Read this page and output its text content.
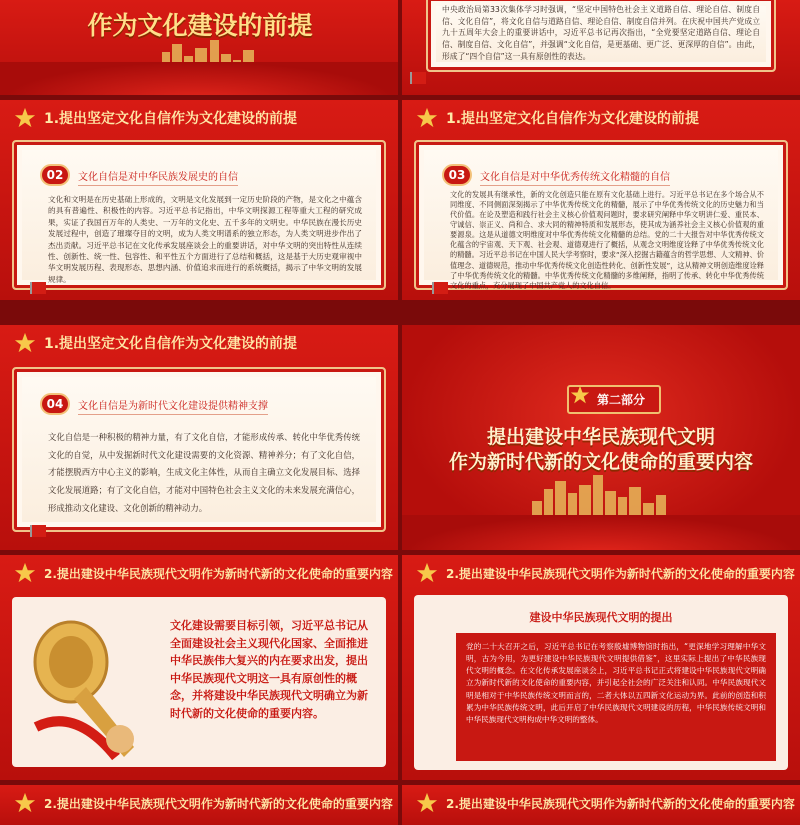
作为文化建设的前提
中央政治局第33次集体学习时强调，“坚定中国特色社会主义道路自信、理论自信、制度自信、文化自信”，将文化自信与道路自信、理论自信、制度自信并列。在庆祝中国共产党成立九十五周年大会上的重要讲话中，习近平总书记再次指出，“全党要坚定道路自信、理论自信、制度自信、文化自信”，并强调“文化自信，是更基础、更广泛、更深厚的自信”。由此，形成了“四个自信”这一具有原创性的表达。
1.提出坚定文化自信作为文化建设的前提
02	文化自信是对中华民族发展史的自信
文化和文明是在历史基础上形成的，文明是文化发展到一定历史阶段的产物，是文化之中蕴含的具有普遍性、积极性的内容。习近平总书记指出，中华文明探源工程等重大工程的研究成果，实证了我国百万年的人类史、一万年的文化史、五千多年的文明史。中华民族在漫长历史发展过程中，创造了璀璨夺目的文明，成为人类文明谱系的独立形态，为人类文明进步作出了杰出贡献。习近平总书记在文化传承发展座谈会上的重要讲话，对中华文明的突出特性从连续性、创新性、统一性、包容性、和平性五个方面进行了总结和概括，这是基于大历史观审视中华文明发展历程、表现形态、思想内涵、价值追求而进行的系统概括，揭示了中华文明的发展规律。
1.提出坚定文化自信作为文化建设的前提
03	文化自信是对中华优秀传统文化精髓的自信
文化的发展具有继承性，新的文化创造只能在原有文化基础上进行。习近平总书记在多个场合从不同维度、不同侧面深刻揭示了中华优秀传统文化的精髓，展示了中华优秀传统文化的历史魅力和当代价值。在论及塑造和践行社会主义核心价值观问题时，要求研究阐释中华文明讲仁爱、重民本、守诚信、崇正义、尚和合、求大同的精神特质和发展形态，使其成为涵养社会主义核心价值观的重要源泉。这是从道德文明维度对中华优秀传统文化精髓的总结。党的二十大报告对中华优秀传统文化蕴含的宇宙观、天下观、社会观、道德观进行了概括，从观念文明维度诠释了中华优秀传统文化的精髓。习近平总书记在中国人民大学考察时，要求“深入挖掘古籍蕴含的哲学思想、人文精神、价值理念、道德规范，推动中华优秀传统文化创造性转化、创新性发展”，这从精神文明创造维度诠释了中华优秀传统文化的精髓。中华优秀传统文化精髓的多维阐释，指明了传承、转化中华优秀传统文化的重点，充分展现了中国共产党人的文化自信。
1.提出坚定文化自信作为文化建设的前提
04	文化自信是为新时代文化建设提供精神支撑
文化自信是一种积极的精神力量，有了文化自信，才能形成传承、转化中华优秀传统文化的自觉，从中发掘新时代文化建设需要的文化资源、精神养分；有了文化自信，才能摆脱西方中心主义的影响，生成文化主体性，从而自主确立文化发展目标、选择文化发展道路；有了文化自信，才能对中国特色社会主义文化的未来发展充满信心，形成推动文化建设、文化创新的精神动力。
第二部分
提出建设中华民族现代文明
作为新时代新的文化使命的重要内容
2.提出建设中华民族现代文明作为新时代新的文化使命的重要内容
文化建设需要目标引领，习近平总书记从全面建设社会主义现代化国家、全面推进中华民族伟大复兴的内在要求出发，提出中华民族现代文明这一具有原创性的概念，并将建设中华民族现代文明确立为新时代新的文化使命的重要内容。
2.提出建设中华民族现代文明作为新时代新的文化使命的重要内容
建设中华民族现代文明的提出
党的二十大召开之后，习近平总书记在考察殷墟博物馆时指出，“更深地学习理解中华文明，古为今用，为更好建设中华民族现代文明提供借鉴”，这里实际上提出了中华民族现代文明的概念。在文化传承发展座谈会上，习近平总书记正式将建设中华民族现代文明确立为新时代新的文化使命的重要内容，并引起全社会的广泛关注和认同。中华民族现代文明是相对于中华民族传统文明而言的，二者大体以五四新文化运动为界。此前的创造和积累为中华民族传统文明，此后开启了中华民族现代文明建设的历程，中华民族传统文明和中华民族现代文明构成中华文明的整体。
2.提出建设中华民族现代文明作为新时代新的文化使命的重要内容	2.提出建设中华民族现代文明作为新时代新的文化使命的重要内容
